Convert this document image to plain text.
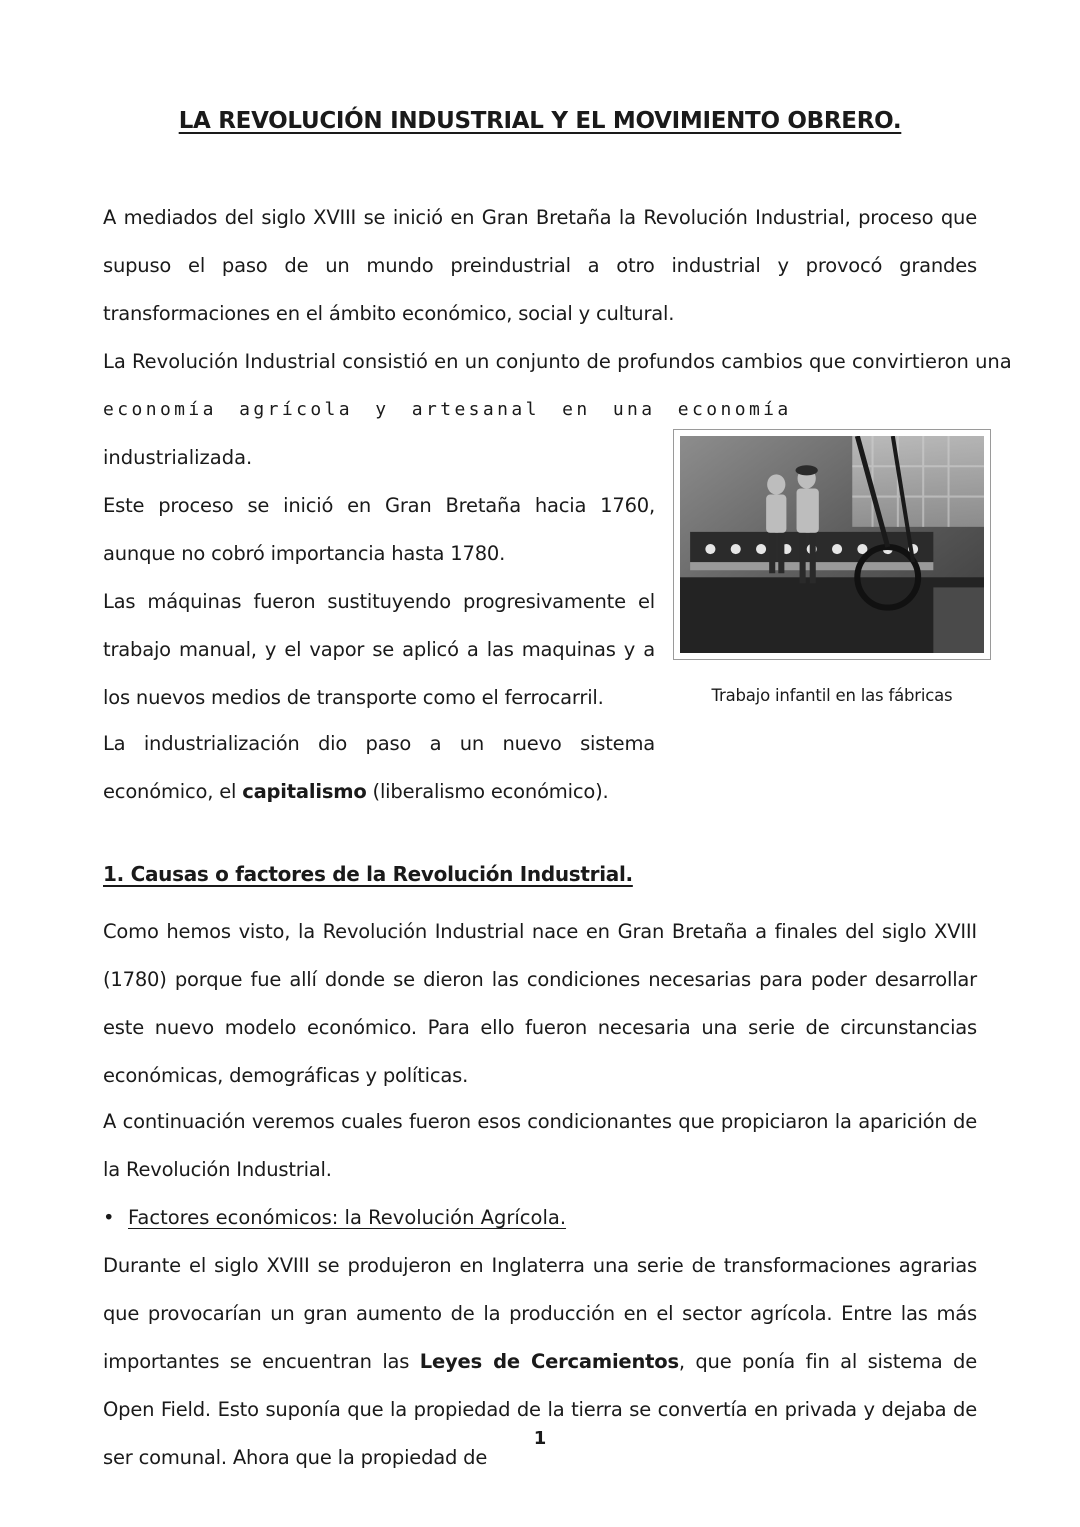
LA REVOLUCIÓN INDUSTRIAL Y EL MOVIMIENTO OBRERO.

A mediados del siglo XVIII se inició en Gran Bretaña la Revolución Industrial, proceso que supuso el paso de un mundo preindustrial a otro industrial y provocó grandes transformaciones en el ámbito económico, social y cultural.

La Revolución Industrial consistió en un conjunto de profundos cambios que convirtieron una
economía agrícola y artesanal en una economía
industrializada.

Este proceso se inició en Gran Bretaña hacia 1760, aunque no cobró importancia hasta 1780.

Las máquinas fueron sustituyendo progresivamente el trabajo manual, y el vapor se aplicó a las maquinas y a los nuevos medios de transporte como el ferrocarril.

La industrialización dio paso a un nuevo sistema económico, el capitalismo (liberalismo económico).

Trabajo infantil en las fábricas
1. Causas o factores de la Revolución Industrial.

Como hemos visto, la Revolución Industrial nace en Gran Bretaña a finales del siglo XVIII (1780) porque fue allí donde se dieron las condiciones necesarias para poder desarrollar este nuevo modelo económico. Para ello fueron necesaria una serie de circunstancias económicas, demográficas y políticas.

A continuación veremos cuales fueron esos condicionantes que propiciaron la aparición de la Revolución Industrial.

• Factores económicos: la Revolución Agrícola.

Durante el siglo XVIII se produjeron en Inglaterra una serie de transformaciones agrarias que provocarían un gran aumento de la producción en el sector agrícola. Entre las más importantes se encuentran las Leyes de Cercamientos, que ponía fin al sistema de Open Field. Esto suponía que la propiedad de la tierra se convertía en privada y dejaba de ser comunal. Ahora que la propiedad de

1
